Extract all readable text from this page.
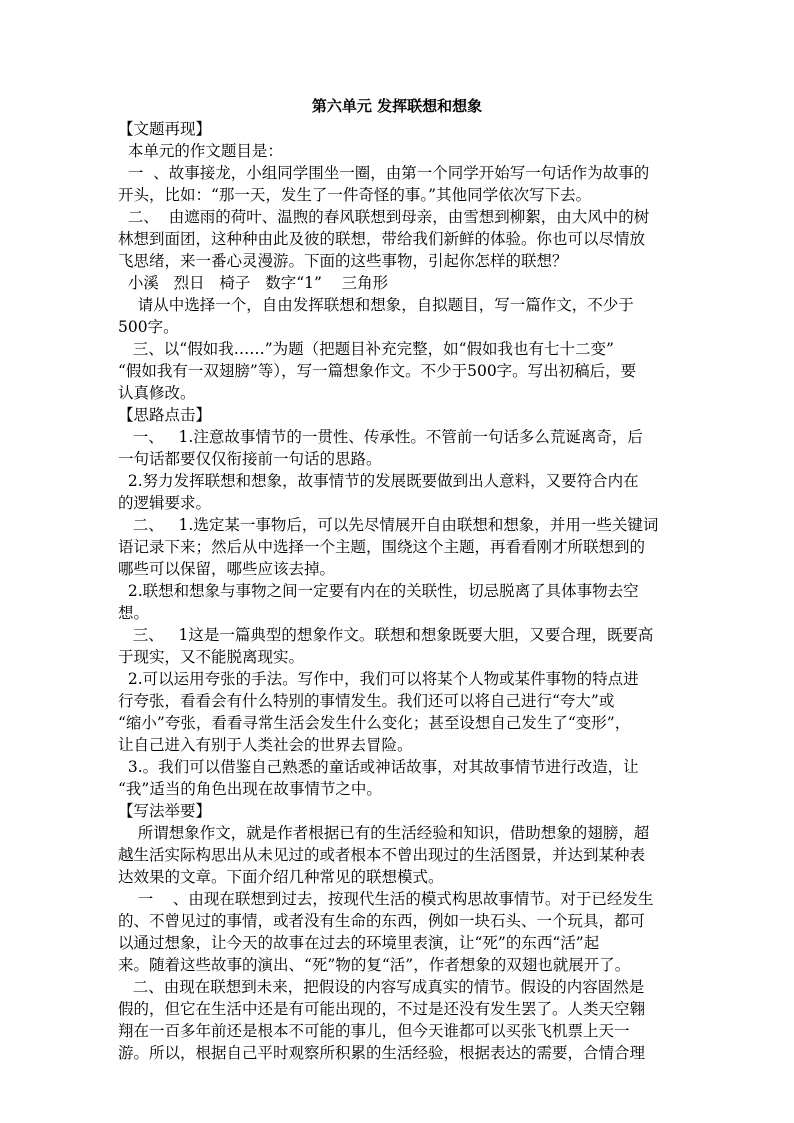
第六单元 发挥联想和想象

【文题再现】

本单元的作文题目是：

一  、故事接龙，小组同学围坐一圈，由第一个同学开始写一句话作为故事的

开头，比如：“那一天，发生了一件奇怪的事。”其他同学依次写下去。

二、  由遮雨的荷叶、温煦的春风联想到母亲，由雪想到柳絮，由大风中的树

林想到面团，这种种由此及彼的联想，带给我们新鲜的体验。你也可以尽情放

飞思绪，来一番心灵漫游。下面的这些事物，引起你怎样的联想？

小溪   烈日   椅子   数字“1”    三角形

请从中选择一个，自由发挥联想和想象，自拟题目，写一篇作文，不少于

500字。

三、以“假如我……”为题（把题目补充完整，如“假如我也有七十二变”

“假如我有一双翅膀”等），写一篇想象作文。不少于500字。写出初稿后，要

认真修改。

【思路点击】

一、   1.注意故事情节的一贯性、传承性。不管前一句话多么荒诞离奇，后

一句话都要仅仅衔接前一句话的思路。

2.努力发挥联想和想象，故事情节的发展既要做到出人意料，又要符合内在

的逻辑要求。

二、   1.选定某一事物后，可以先尽情展开自由联想和想象，并用一些关键词

语记录下来；然后从中选择一个主题，围绕这个主题，再看看刚才所联想到的

哪些可以保留，哪些应该去掉。

2.联想和想象与事物之间一定要有内在的关联性，切忌脱离了具体事物去空

想。

三、   1这是一篇典型的想象作文。联想和想象既要大胆，又要合理，既要高

于现实，又不能脱离现实。

2.可以运用夸张的手法。写作中，我们可以将某个人物或某件事物的特点进

行夸张，看看会有什么特别的事情发生。我们还可以将自己进行“夸大”或

“缩小”夸张，看看寻常生活会发生什么变化；甚至设想自己发生了“变形”，

让自己进入有别于人类社会的世界去冒险。

3.。我们可以借鉴自己熟悉的童话或神话故事，对其故事情节进行改造，让

“我”适当的角色出现在故事情节之中。

【写法举要】

所谓想象作文，就是作者根据已有的生活经验和知识，借助想象的翅膀，超

越生活实际构思出从未见过的或者根本不曾出现过的生活图景，并达到某种表

达效果的文章。下面介绍几种常见的联想模式。

一    、由现在联想到过去，按现代生活的模式构思故事情节。对于已经发生

的、不曾见过的事情，或者没有生命的东西，例如一块石头、一个玩具，都可

以通过想象，让今天的故事在过去的环境里表演，让“死”的东西“活”起

来。随着这些故事的演出、“死”物的复“活”，作者想象的双翅也就展开了。

二、由现在联想到未来，把假设的内容写成真实的情节。假设的内容固然是

假的，但它在生活中还是有可能出现的，不过是还没有发生罢了。人类天空翱

翔在一百多年前还是根本不可能的事儿，但今天谁都可以买张飞机票上天一

游。所以，根据自己平时观察所积累的生活经验，根据表达的需要，合情合理
